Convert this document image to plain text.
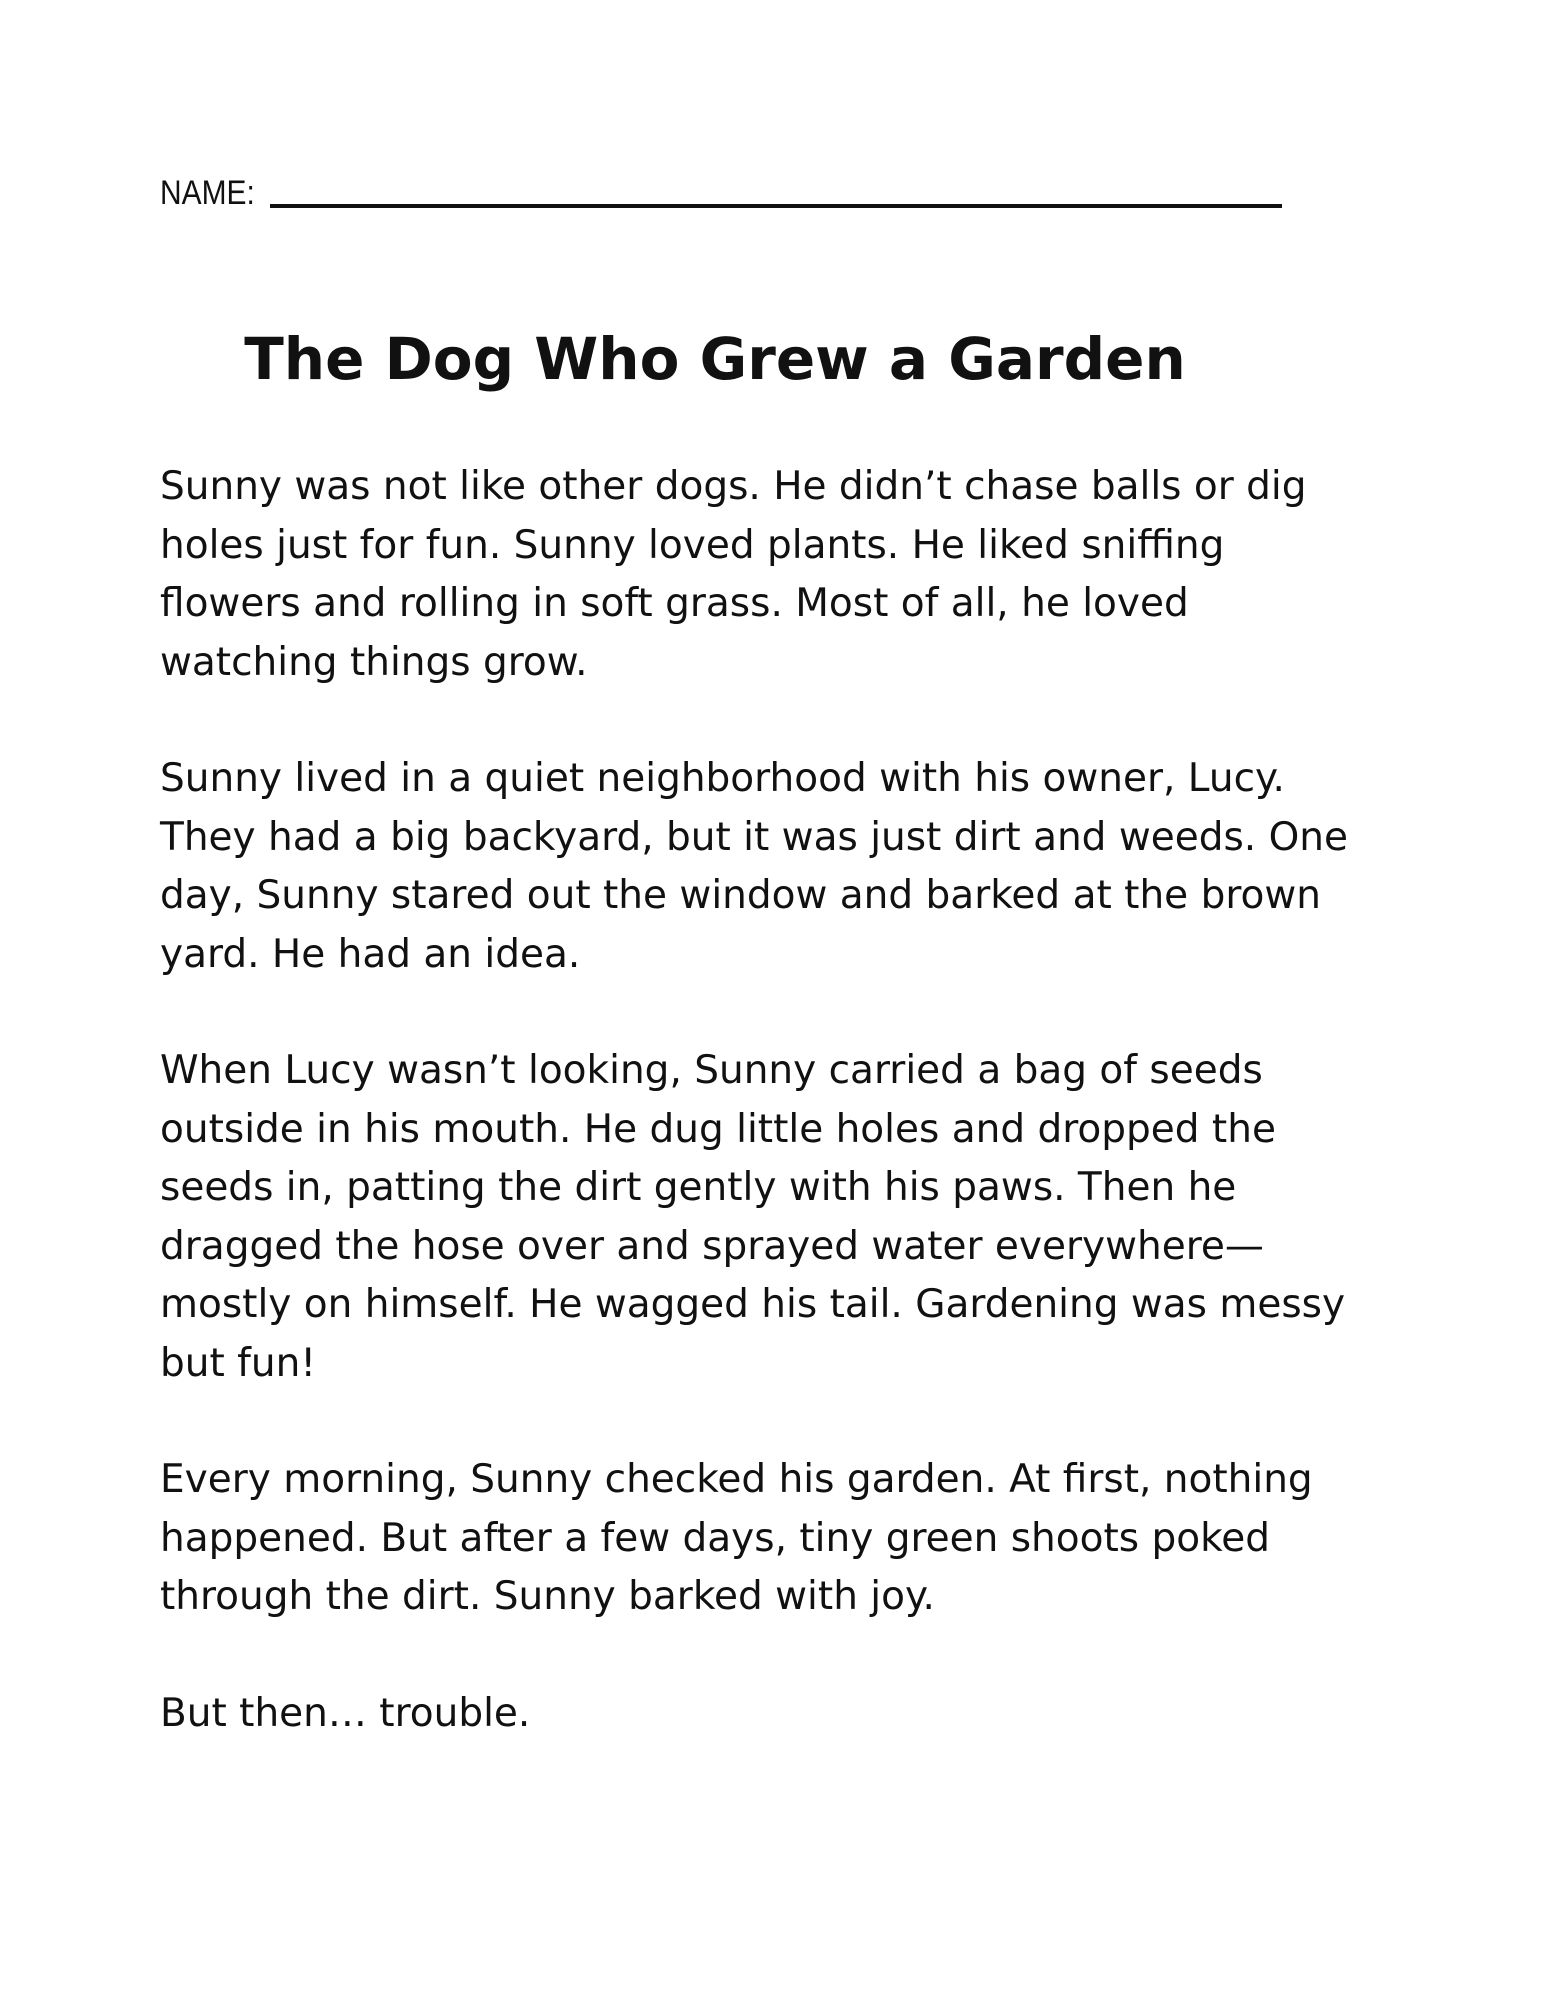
NAME:
The Dog Who Grew a Garden

Sunny was not like other dogs. He didn’t chase balls or dig
holes just for fun. Sunny loved plants. He liked sniffing
flowers and rolling in soft grass. Most of all, he loved
watching things grow.

Sunny lived in a quiet neighborhood with his owner, Lucy.
They had a big backyard, but it was just dirt and weeds. One
day, Sunny stared out the window and barked at the brown
yard. He had an idea.

When Lucy wasn’t looking, Sunny carried a bag of seeds
outside in his mouth. He dug little holes and dropped the
seeds in, patting the dirt gently with his paws. Then he
dragged the hose over and sprayed water everywhere—
mostly on himself. He wagged his tail. Gardening was messy
but fun!

Every morning, Sunny checked his garden. At first, nothing
happened. But after a few days, tiny green shoots poked
through the dirt. Sunny barked with joy.

But then… trouble.
